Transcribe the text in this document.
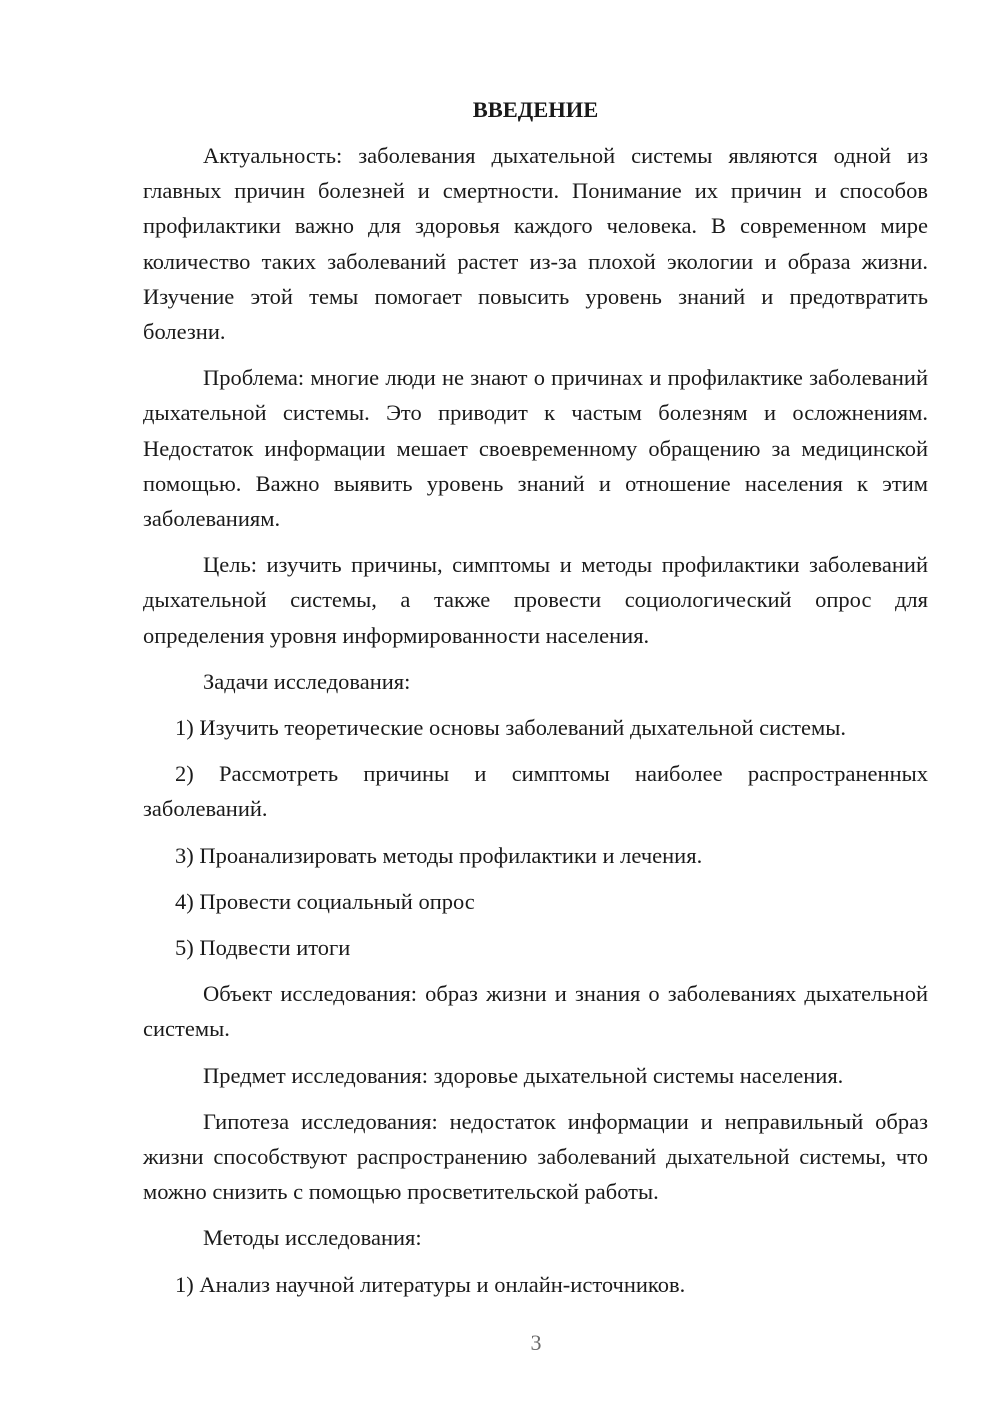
ВВЕДЕНИЕ

Актуальность: заболевания дыхательной системы являются одной из главных причин болезней и смертности. Понимание их причин и способов профилактики важно для здоровья каждого человека. В современном мире количество таких заболеваний растет из-за плохой экологии и образа жизни. Изучение этой темы помогает повысить уровень знаний и предотвратить болезни.

Проблема: многие люди не знают о причинах и профилактике заболеваний дыхательной системы. Это приводит к частым болезням и осложнениям. Недостаток информации мешает своевременному обращению за медицинской помощью. Важно выявить уровень знаний и отношение населения к этим заболеваниям.

Цель: изучить причины, симптомы и методы профилактики заболеваний дыхательной системы, а также провести социологический опрос для определения уровня информированности населения.

Задачи исследования:

1) Изучить теоретические основы заболеваний дыхательной системы.

2) Рассмотреть причины и симптомы наиболее распространенных заболеваний.

3) Проанализировать методы профилактики и лечения.

4) Провести социальный опрос

5) Подвести итоги

Объект исследования: образ жизни и знания о заболеваниях дыхательной системы.

Предмет исследования: здоровье дыхательной системы населения.

Гипотеза исследования: недостаток информации и неправильный образ жизни способствуют распространению заболеваний дыхательной системы, что можно снизить с помощью просветительской работы.

Методы исследования:

1) Анализ научной литературы и онлайн-источников.

3
